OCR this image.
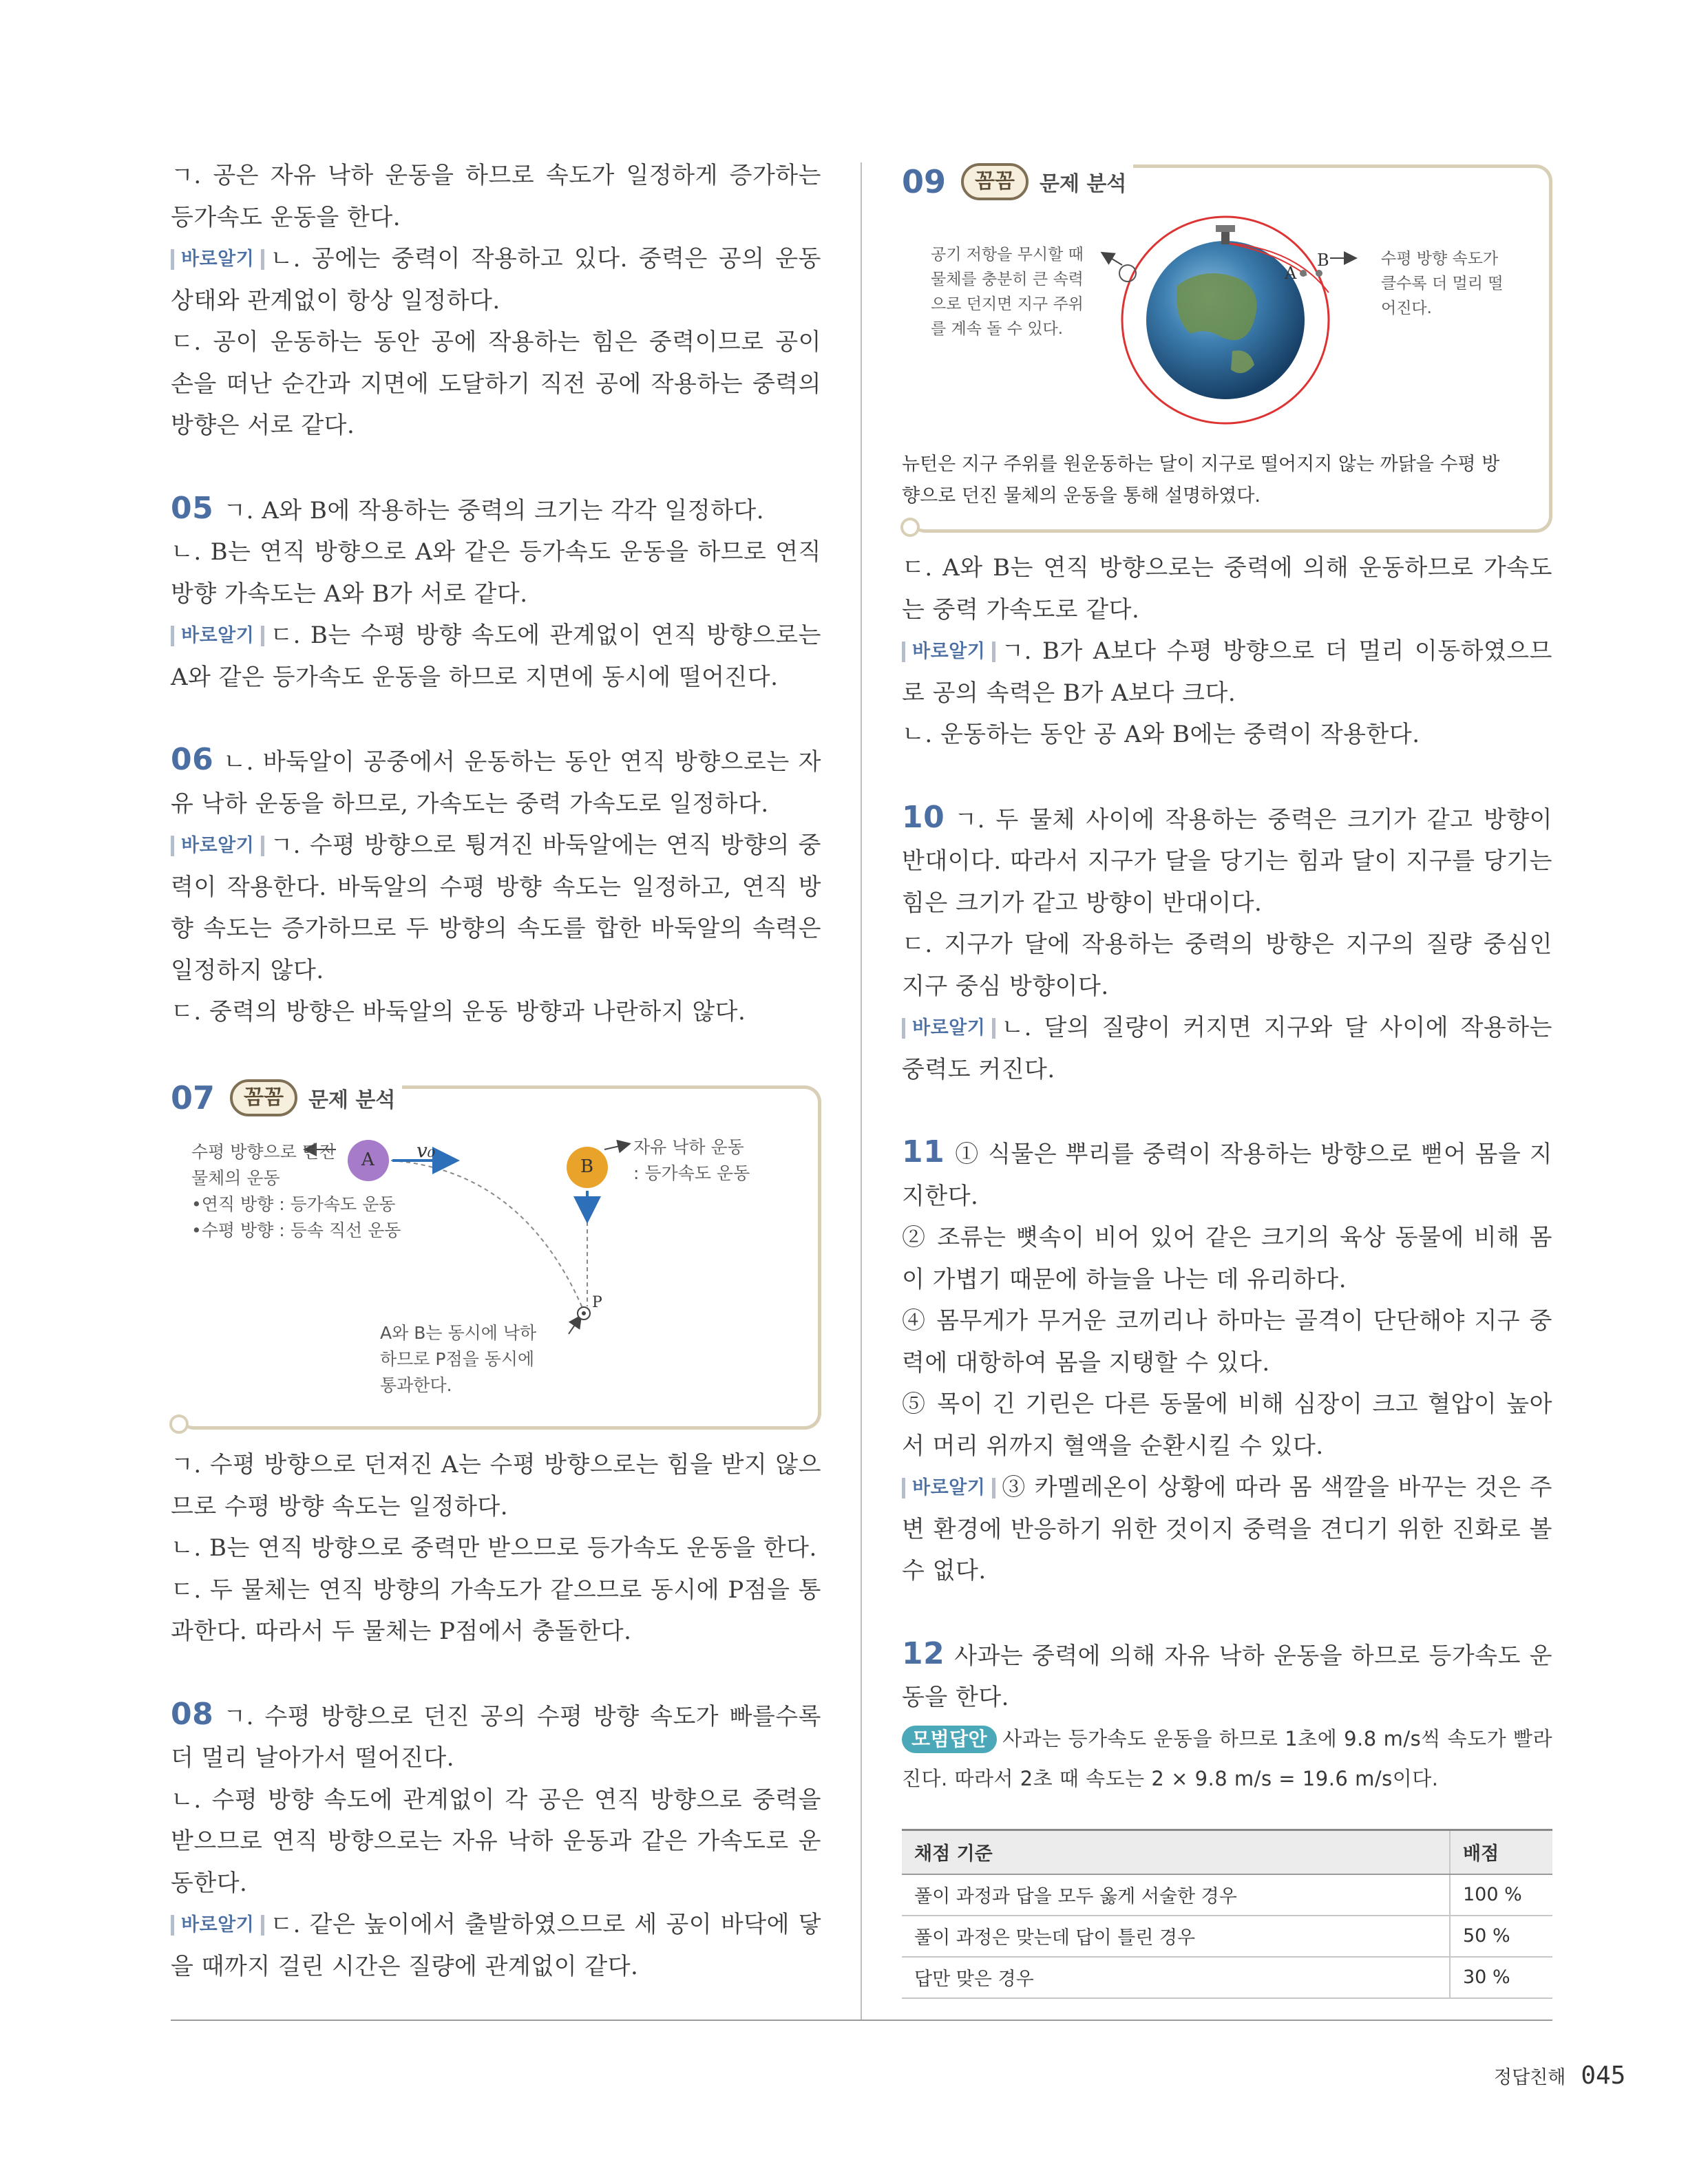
ㄱ. 공은 자유 낙하 운동을 하므로 속도가 일정하게 증가하는 등가속도 운동을 한다.

바로알기 ㄴ. 공에는 중력이 작용하고 있다. 중력은 공의 운동 상태와 관계없이 항상 일정하다.

ㄷ. 공이 운동하는 동안 공에 작용하는 힘은 중력이므로 공이 손을 떠난 순간과 지면에 도달하기 직전 공에 작용하는 중력의 방향은 서로 같다.

05 ㄱ. A와 B에 작용하는 중력의 크기는 각각 일정하다.

ㄴ. B는 연직 방향으로 A와 같은 등가속도 운동을 하므로 연직 방향 가속도는 A와 B가 서로 같다.

바로알기 ㄷ. B는 수평 방향 속도에 관계없이 연직 방향으로는 A와 같은 등가속도 운동을 하므로 지면에 동시에 떨어진다.

06 ㄴ. 바둑알이 공중에서 운동하는 동안 연직 방향으로는 자유 낙하 운동을 하므로, 가속도는 중력 가속도로 일정하다.

바로알기 ㄱ. 수평 방향으로 튕겨진 바둑알에는 연직 방향의 중력이 작용한다. 바둑알의 수평 방향 속도는 일정하고, 연직 방향 속도는 증가하므로 두 방향의 속도를 합한 바둑알의 속력은 일정하지 않다.

ㄷ. 중력의 방향은 바둑알의 운동 방향과 나란하지 않다.

07	꼼꼼	문제 분석
A	B
v₀
P
수평 방향으로 던진
물체의 운동
•연직 방향 : 등가속도 운동
•수평 방향 : 등속 직선 운동
자유 낙하 운동
: 등가속도 운동
A와 B는 동시에 낙하
하므로 P점을 동시에
통과한다.

ㄱ. 수평 방향으로 던져진 A는 수평 방향으로는 힘을 받지 않으므로 수평 방향 속도는 일정하다.

ㄴ. B는 연직 방향으로 중력만 받으므로 등가속도 운동을 한다.

ㄷ. 두 물체는 연직 방향의 가속도가 같으므로 동시에 P점을 통과한다. 따라서 두 물체는 P점에서 충돌한다.

08 ㄱ. 수평 방향으로 던진 공의 수평 방향 속도가 빠를수록 더 멀리 날아가서 떨어진다.

ㄴ. 수평 방향 속도에 관계없이 각 공은 연직 방향으로 중력을 받으므로 연직 방향으로는 자유 낙하 운동과 같은 가속도로 운동한다.

바로알기 ㄷ. 같은 높이에서 출발하였으므로 세 공이 바닥에 닿을 때까지 걸린 시간은 질량에 관계없이 같다.

09	꼼꼼	문제 분석
A
B
공기 저항을 무시할 때
물체를 충분히 큰 속력
으로 던지면 지구 주위
를 계속 돌 수 있다.
수평 방향 속도가
클수록 더 멀리 떨
어진다.
뉴턴은 지구 주위를 원운동하는 달이 지구로 떨어지지 않는 까닭을 수평 방
향으로 던진 물체의 운동을 통해 설명하였다.

ㄷ. A와 B는 연직 방향으로는 중력에 의해 운동하므로 가속도는 중력 가속도로 같다.

바로알기 ㄱ. B가 A보다 수평 방향으로 더 멀리 이동하였으므로 공의 속력은 B가 A보다 크다.

ㄴ. 운동하는 동안 공 A와 B에는 중력이 작용한다.

10 ㄱ. 두 물체 사이에 작용하는 중력은 크기가 같고 방향이 반대이다. 따라서 지구가 달을 당기는 힘과 달이 지구를 당기는 힘은 크기가 같고 방향이 반대이다.

ㄷ. 지구가 달에 작용하는 중력의 방향은 지구의 질량 중심인 지구 중심 방향이다.

바로알기 ㄴ. 달의 질량이 커지면 지구와 달 사이에 작용하는 중력도 커진다.

11 ① 식물은 뿌리를 중력이 작용하는 방향으로 뻗어 몸을 지지한다.

② 조류는 뼛속이 비어 있어 같은 크기의 육상 동물에 비해 몸이 가볍기 때문에 하늘을 나는 데 유리하다.

④ 몸무게가 무거운 코끼리나 하마는 골격이 단단해야 지구 중력에 대항하여 몸을 지탱할 수 있다.

⑤ 목이 긴 기린은 다른 동물에 비해 심장이 크고 혈압이 높아서 머리 위까지 혈액을 순환시킬 수 있다.

바로알기 ③ 카멜레온이 상황에 따라 몸 색깔을 바꾸는 것은 주변 환경에 반응하기 위한 것이지 중력을 견디기 위한 진화로 볼 수 없다.

12 사과는 중력에 의해 자유 낙하 운동을 하므로 등가속도 운동을 한다.

모범답안 사과는 등가속도 운동을 하므로 1초에 9.8 m/s씩 속도가 빨라진다. 따라서 2초 때 속도는 2 × 9.8 m/s = 19.6 m/s이다.

채점 기준	배점
풀이 과정과 답을 모두 옳게 서술한 경우	100 %
풀이 과정은 맞는데 답이 틀린 경우	50 %
답만 맞은 경우	30 %
정답친해 045
